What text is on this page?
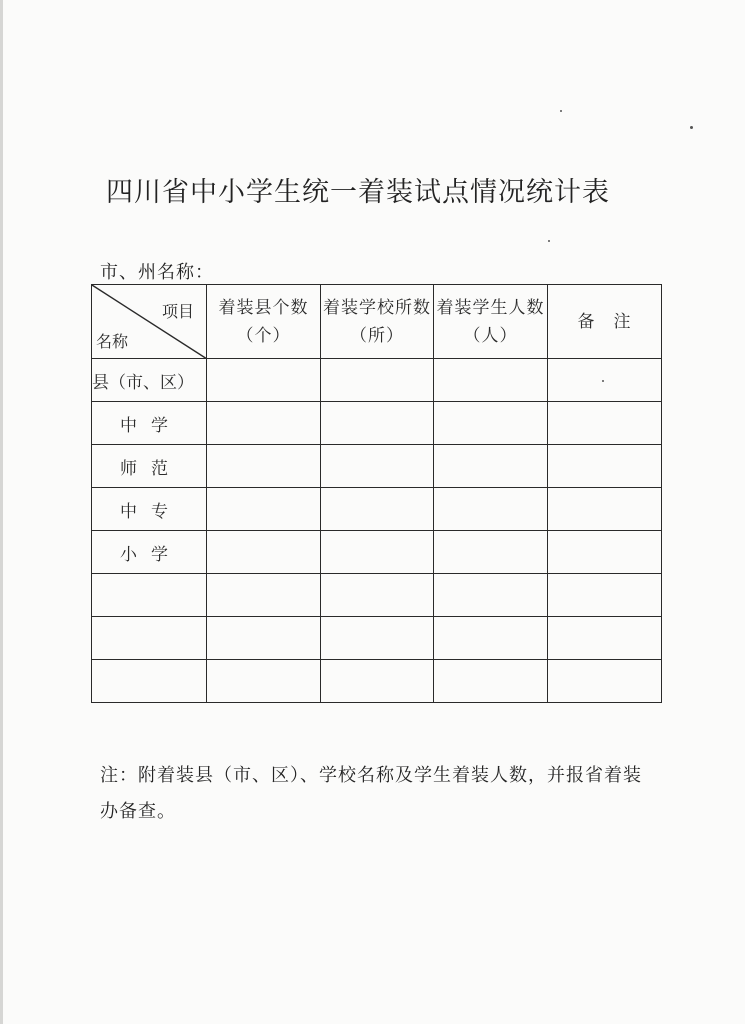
四川省中小学生统一着装试点情况统计表
市、州名称：
项目
名称	着装县个数（个）	着装学校所数（所）	着装学生人数（人）	备　注
县（市、区）				
中学				
师范				
中专				
小学				

注：附着装县（市、区）、学校名称及学生着装人数，并报省着装办备查。
